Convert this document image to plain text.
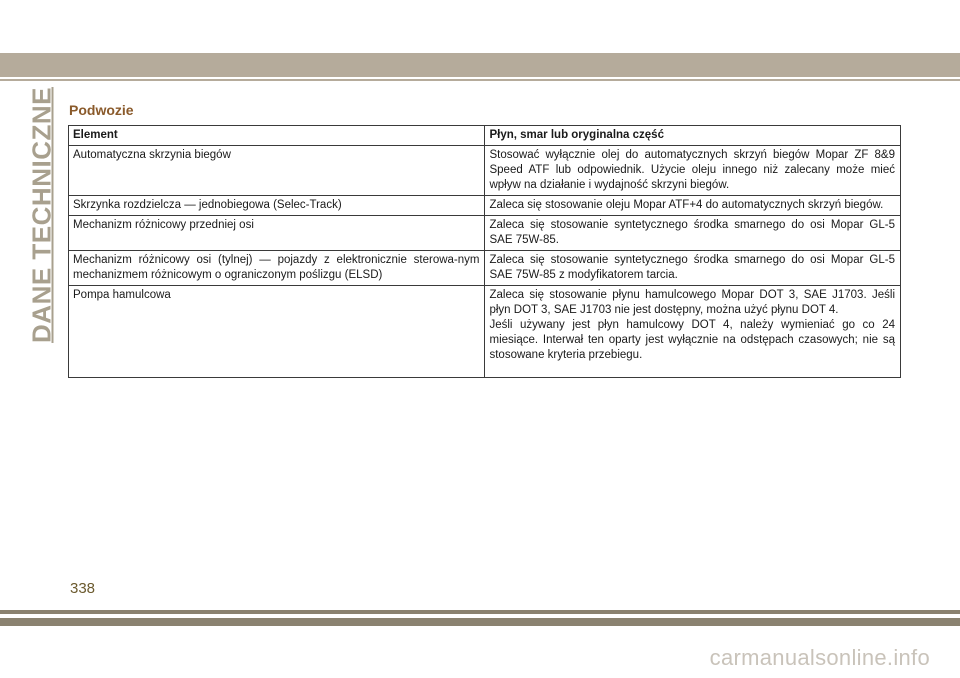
DANE TECHNICZNE Podwozie
Element	Płyn, smar lub oryginalna część
Automatyczna skrzynia biegów	Stosować wyłącznie olej do automatycznych skrzyń biegów Mopar ZF 8&9 Speed ATF lub odpowiednik. Użycie oleju innego niż zalecany może mieć wpływ na działanie i wydajność skrzyni biegów.

Skrzynka rozdzielcza — jednobiegowa (Selec-Track)	Zaleca się stosowanie oleju Mopar ATF+4 do automatycznych skrzyń biegów.

Mechanizm różnicowy przedniej osi	Zaleca się stosowanie syntetycznego środka smarnego do osi Mopar GL-5 SAE 75W-85.

Mechanizm różnicowy osi (tylnej) — pojazdy z elektronicznie sterowa-nym mechanizmem różnicowym o ograniczonym poślizgu (ELSD)	Zaleca się stosowanie syntetycznego środka smarnego do osi Mopar GL-5 SAE 75W-85 z modyfikatorem tarcia.

Pompa hamulcowa	Zaleca się stosowanie płynu hamulcowego Mopar DOT 3, SAE J1703. Jeśli płyn DOT 3, SAE J1703 nie jest dostępny, można użyć płynu DOT 4.
Jeśli używany jest płyn hamulcowy DOT 4, należy wymieniać go co 24 miesiące. Interwał ten oparty jest wyłącznie na odstępach czasowych; nie są stosowane kryteria przebiegu.
338
carmanualsonline.info
